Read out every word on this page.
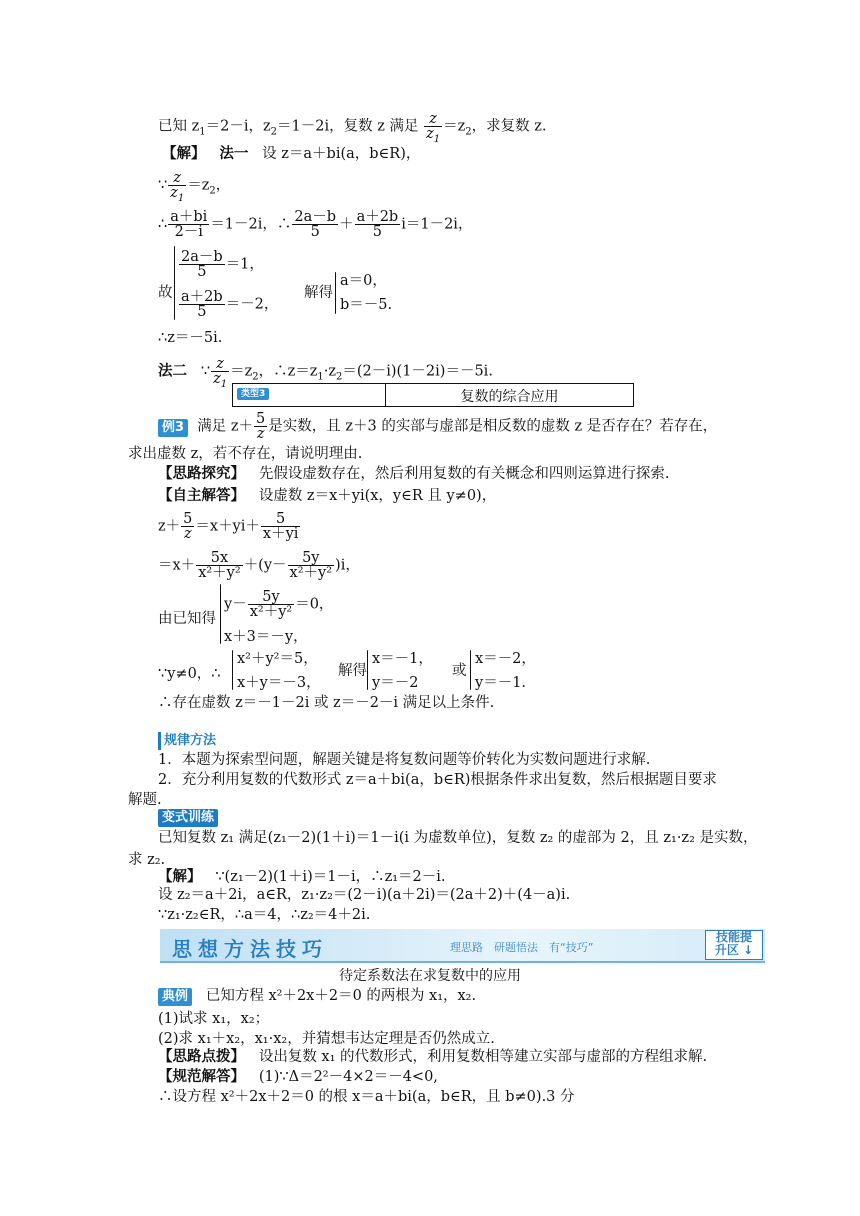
已知 $z_1=2-i$，$z_2=1-2i$，复数 z 满足 $\frac{z}{z_1} =z_2$，求复数 z.
【解】 法一 设 z＝a＋bi(a，b∈R)，
∵ $\frac{z}{z_1} =z_2$，
∴ $\frac{a+bi}{2-i} =1-2i$，∴ $\frac{2a-b}{5} + \frac{a+2b}{5} i=1-2i$，
故
$\frac{2a-b}{5} =1$，
$\frac{a+2b}{5} =-2$，
解得
a＝0，
b＝－5.
∴z＝－5i.
法二   ∵ $\frac{z}{z_1} =z_2$，$\therefore z=z_1\cdot z_2=(2-i)(1-2i)=-5i$.
类型3	复数的综合应用
例3 满足 $z+ \frac{5}{z}$ 是实数，且 z＋3 的实部与虚部是相反数的虚数 z 是否存在？若存在，
求出虚数 z，若不存在，请说明理由.
【思路探究】 先假设虚数存在，然后利用复数的有关概念和四则运算进行探索.
【自主解答】 设虚数 z＝x＋yi(x，y∈R 且 y≠0)，
$z+ \frac{5}{z} =x+yi+ \frac{5}{x+yi}$
$=x+ \frac{5x}{\text{x²＋y²}} +(y- \frac{5y}{\text{x²＋y²}} )i$，
由已知得
$y- \frac{5y}{\text{x²＋y²}} =0$，
x＋3＝－y，
∵y≠0，∴
x²＋y²＝5，
x＋y＝－3，
解得
x＝－1，
y＝－2
或
x＝－2，
y＝－1.
∴存在虚数 z＝－1－2i 或 z＝－2－i 满足以上条件.
规律方法
1．本题为探索型问题，解题关键是将复数问题等价转化为实数问题进行求解.
2．充分利用复数的代数形式 z＝a＋bi(a，b∈R)根据条件求出复数，然后根据题目要求
解题.
变式训练
已知复数 z₁ 满足(z₁－2)(1＋i)＝1－i(i 为虚数单位)，复数 z₂ 的虚部为 2，且 z₁·z₂ 是实数，
求 z₂.
【解】 ∵(z₁－2)(1＋i)＝1－i，∴z₁＝2－i.
设 z₂＝a＋2i，a∈R，z₁·z₂＝(2－i)(a＋2i)＝(2a＋2)＋(4－a)i.
∵z₁·z₂∈R，∴a＝4，∴z₂＝4＋2i.
思想方法技巧	理思路　研题悟法　有“技巧”
技能提
升区 ↓
待定系数法在求复数中的应用
典例 已知方程 x²＋2x＋2＝0 的两根为 x₁，x₂.
(1)试求 x₁，x₂；
(2)求 x₁＋x₂，x₁·x₂，并猜想韦达定理是否仍然成立.
【思路点拨】 设出复数 x₁ 的代数形式，利用复数相等建立实部与虚部的方程组求解.
【规范解答】 (1)∵Δ＝2²－4×2＝－4<0,
∴设方程 x²＋2x＋2＝0 的根 x＝a＋bi(a，b∈R，且 b≠0).3 分
